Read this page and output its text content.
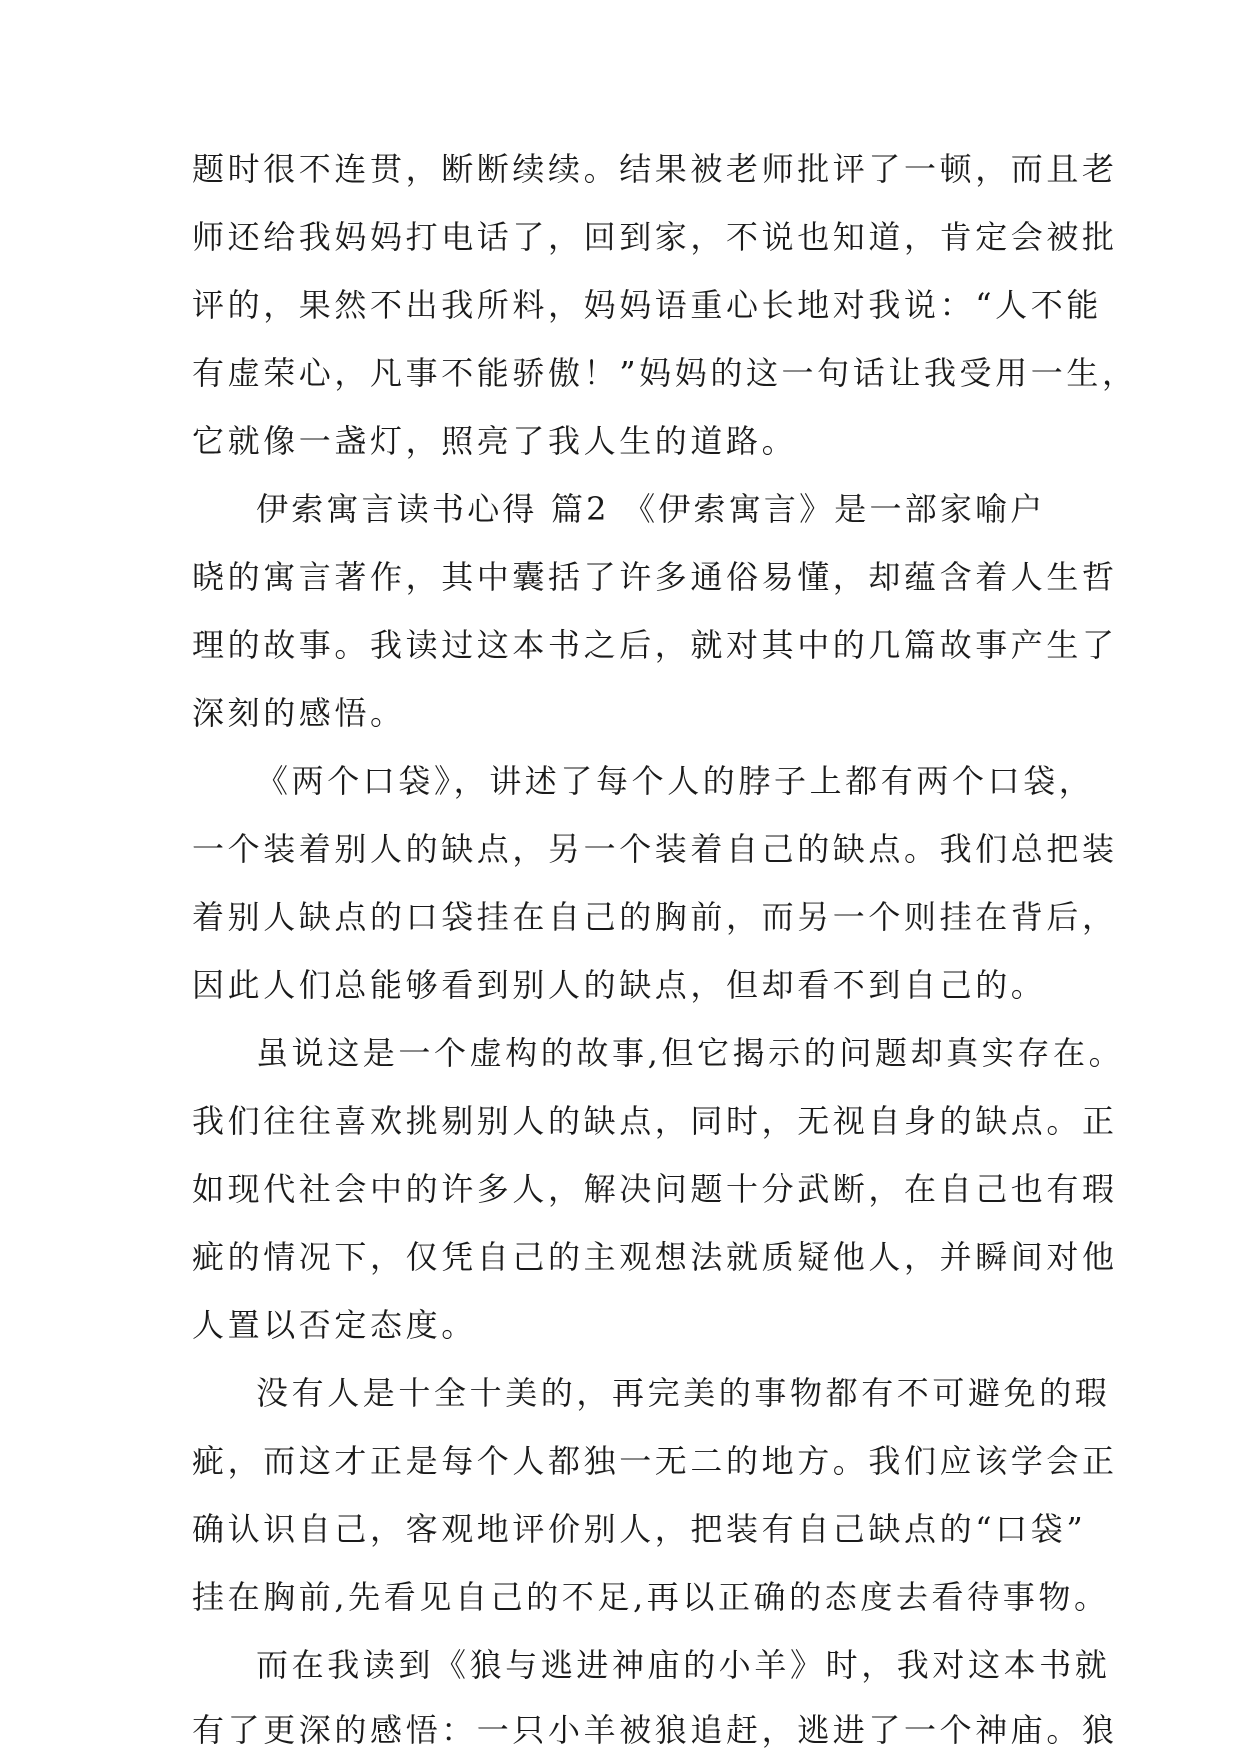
题时很不连贯，断断续续。结果被老师批评了一顿，而且老
师还给我妈妈打电话了，回到家，不说也知道，肯定会被批
评的，果然不出我所料，妈妈语重心长地对我说：“人不能
有虚荣心，凡事不能骄傲！”妈妈的这一句话让我受用一生，
它就像一盏灯，照亮了我人生的道路。
伊索寓言读书心得 篇2 《伊索寓言》是一部家喻户
晓的寓言著作，其中囊括了许多通俗易懂，却蕴含着人生哲
理的故事。我读过这本书之后，就对其中的几篇故事产生了
深刻的感悟。
《两个口袋》，讲述了每个人的脖子上都有两个口袋，
一个装着别人的缺点，另一个装着自己的缺点。我们总把装
着别人缺点的口袋挂在自己的胸前，而另一个则挂在背后，
因此人们总能够看到别人的缺点，但却看不到自己的。
虽说这是一个虚构的故事,但它揭示的问题却真实存在。
我们往往喜欢挑剔别人的缺点，同时，无视自身的缺点。正
如现代社会中的许多人，解决问题十分武断，在自己也有瑕
疵的情况下，仅凭自己的主观想法就质疑他人，并瞬间对他
人置以否定态度。
没有人是十全十美的，再完美的事物都有不可避免的瑕
疵，而这才正是每个人都独一无二的地方。我们应该学会正
确认识自己，客观地评价别人，把装有自己缺点的“口袋”
挂在胸前,先看见自己的不足,再以正确的态度去看待事物。
而在我读到《狼与逃进神庙的小羊》时，我对这本书就
有了更深的感悟：一只小羊被狼追赶，逃进了一个神庙。狼
